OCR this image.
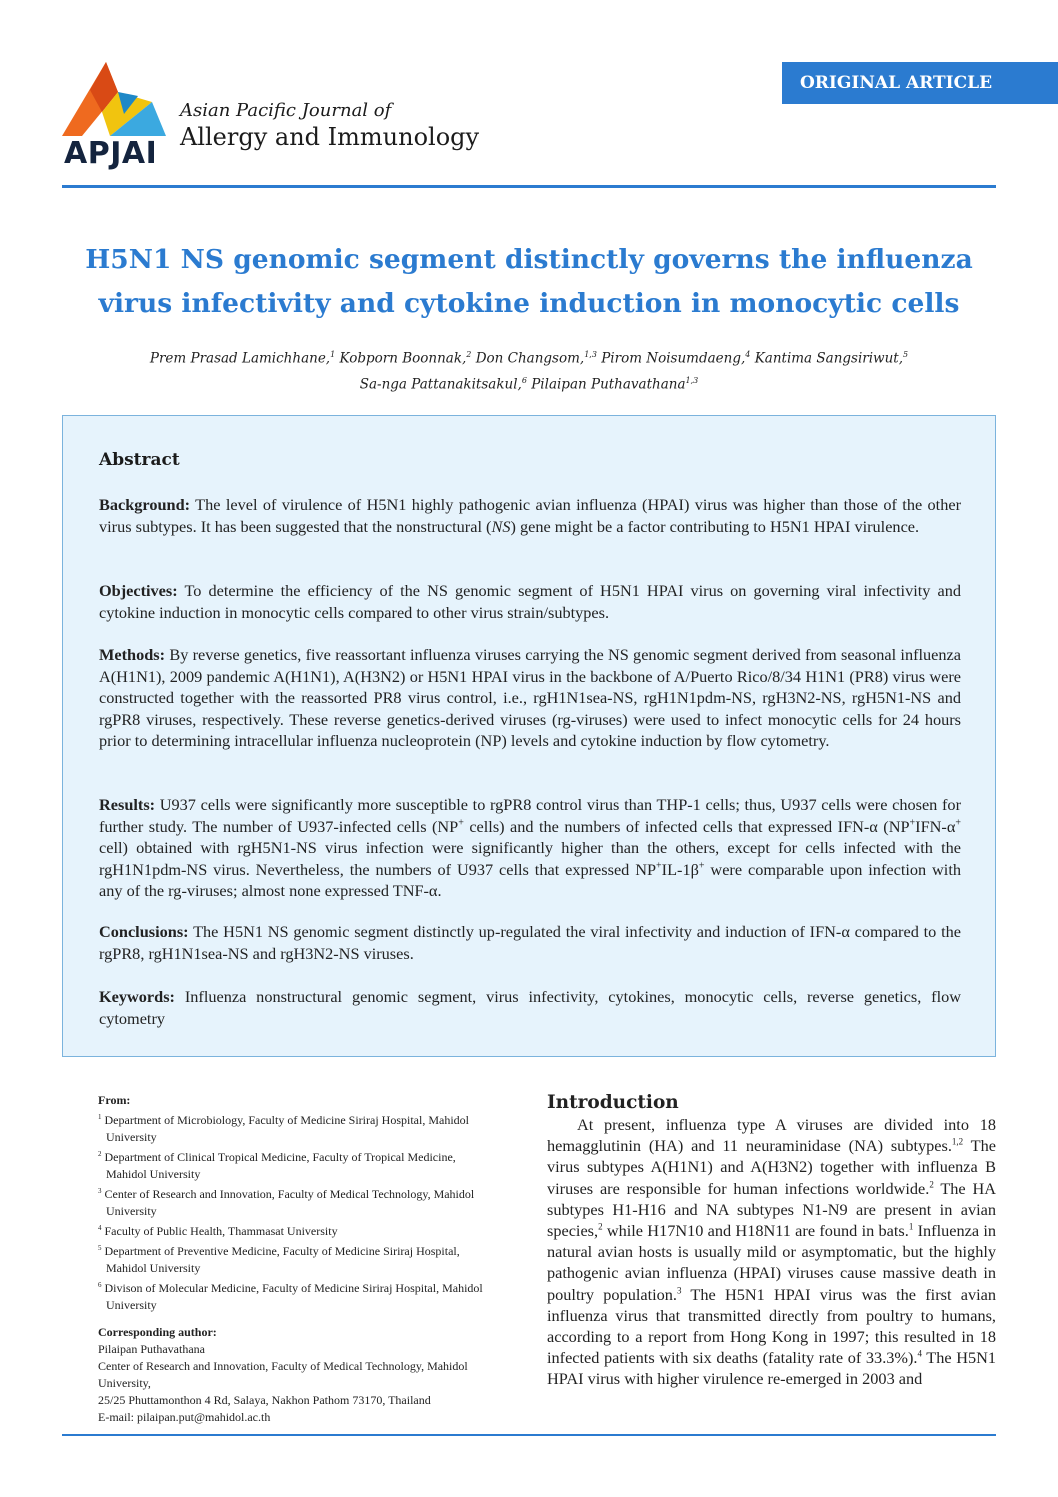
APJAI
Asian Pacific Journal of
Allergy and Immunology
ORIGINAL ARTICLE
H5N1 NS genomic segment distinctly governs the influenza virus infectivity and cytokine induction in monocytic cells
Prem Prasad Lamichhane,$^1$ Kobporn Boonnak,$^2$ Don Changsom,$^{1,3}$ Pirom Noisumdaeng,$^4$ Kantima Sangsiriwut,$^5$
Sa-nga Pattanakitsakul,$^6$ Pilaipan Puthavathana$^{1,3}$
Abstract

Background: The level of virulence of H5N1 highly pathogenic avian influenza (HPAI) virus was higher than those of the other virus subtypes. It has been suggested that the nonstructural (NS) gene might be a factor contributing to H5N1 HPAI virulence.

Objectives: To determine the efficiency of the NS genomic segment of H5N1 HPAI virus on governing viral infectivity and cytokine induction in monocytic cells compared to other virus strain/subtypes.

Methods: By reverse genetics, five reassortant influenza viruses carrying the NS genomic segment derived from seasonal influenza A(H1N1), 2009 pandemic A(H1N1), A(H3N2) or H5N1 HPAI virus in the backbone of A/Puerto Rico/8/34 H1N1 (PR8) virus were constructed together with the reassorted PR8 virus control, i.e., rgH1N1sea-NS, rgH1N1pdm-NS, rgH3N2-NS, rgH5N1-NS and rgPR8 viruses, respectively. These reverse genetics-derived viruses (rg-viruses) were used to infect monocytic cells for 24 hours prior to determining intracellular influenza nucleoprotein (NP) levels and cytokine induction by flow cytometry.

Results: U937 cells were significantly more susceptible to rgPR8 control virus than THP-1 cells; thus, U937 cells were chosen for further study. The number of U937-infected cells (NP+ cells) and the numbers of infected cells that expressed IFN-α (NP+IFN-α+ cell) obtained with rgH5N1-NS virus infection were significantly higher than the others, except for cells infected with the rgH1N1pdm-NS virus. Nevertheless, the numbers of U937 cells that expressed NP+IL-1β+ were comparable upon infection with any of the rg-viruses; almost none expressed TNF-α.

Conclusions: The H5N1 NS genomic segment distinctly up-regulated the viral infectivity and induction of IFN-α compared to the rgPR8, rgH1N1sea-NS and rgH3N2-NS viruses.

Keywords: Influenza nonstructural genomic segment, virus infectivity, cytokines, monocytic cells, reverse genetics, flow cytometry

From:
$^1$ Department of Microbiology, Faculty of Medicine Siriraj Hospital, Mahidol University
$^2$ Department of Clinical Tropical Medicine, Faculty of Tropical Medicine, Mahidol University
$^3$ Center of Research and Innovation, Faculty of Medical Technology, Mahidol University
$^4$ Faculty of Public Health, Thammasat University
$^5$ Department of Preventive Medicine, Faculty of Medicine Siriraj Hospital, Mahidol University
$^6$ Divison of Molecular Medicine, Faculty of Medicine Siriraj Hospital, Mahidol University
Corresponding author:
Pilaipan Puthavathana
Center of Research and Innovation, Faculty of Medical Technology, Mahidol University,
25/25 Phuttamonthon 4 Rd, Salaya, Nakhon Pathom 73170, Thailand
E-mail: pilaipan.put@mahidol.ac.th
Introduction

At present, influenza type A viruses are divided into 18 hemagglutinin (HA) and 11 neuraminidase (NA) subtypes.$^{1,2}$ The virus subtypes A(H1N1) and A(H3N2) together with influenza B viruses are responsible for human infections worldwide.$^2$ The HA subtypes H1-H16 and NA subtypes N1-N9 are present in avian species,$^2$ while H17N10 and H18N11 are found in bats.$^1$ Influenza in natural avian hosts is usually mild or asymptomatic, but the highly pathogenic avian influenza (HPAI) viruses cause massive death in poultry population.$^3$ The H5N1 HPAI virus was the first avian influenza virus that transmitted directly from poultry to humans, according to a report from Hong Kong in 1997; this resulted in 18 infected patients with six deaths (fatality rate of 33.3%).$^4$ The H5N1 HPAI virus with higher virulence re-emerged in 2003 and
